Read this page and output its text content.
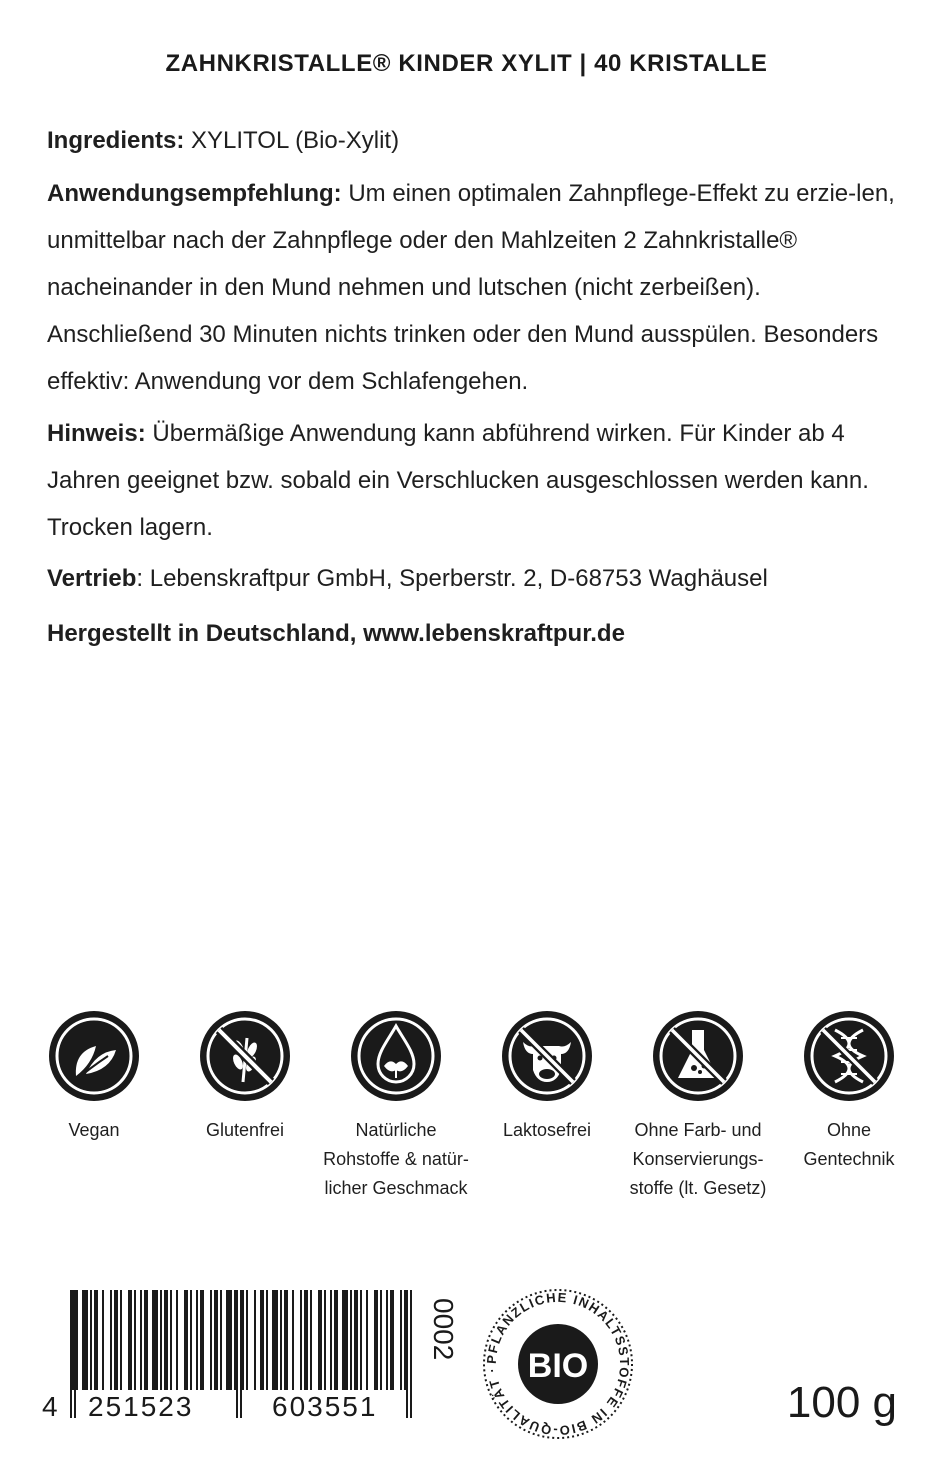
ZAHNKRISTALLE® KINDER XYLIT | 40 KRISTALLE
Ingredients: XYLITOL (Bio-Xylit)
Anwendungsempfehlung: Um einen optimalen Zahnpflege-Effekt zu erzie-len, unmittelbar nach der Zahnpflege oder den Mahlzeiten 2 Zahnkristalle® nacheinander in den Mund nehmen und lutschen (nicht zerbeißen). Anschließend 30 Minuten nichts trinken oder den Mund ausspülen. Besonders effektiv: Anwendung vor dem Schlafengehen.
Hinweis: Übermäßige Anwendung kann abführend wirken. Für Kinder ab 4 Jahren geeignet bzw. sobald ein Verschlucken ausgeschlossen werden kann. Trocken lagern.
Vertrieb: Lebenskraftpur GmbH, Sperberstr. 2, D-68753 Waghäusel
Hergestellt in Deutschland, www.lebenskraftpur.de
Vegan	Glutenfrei	Natürliche
Rohstoffe & natür-
licher Geschmack
Laktosefrei	Ohne Farb- und
Konservierungs-
stoffe (lt. Gesetz)
Ohne
Gentechnik
4 251523	603551
0002 PFLANZLICHE INHALTSSTOFFE IN BIO-QUALITÄT · BIO
100 g
